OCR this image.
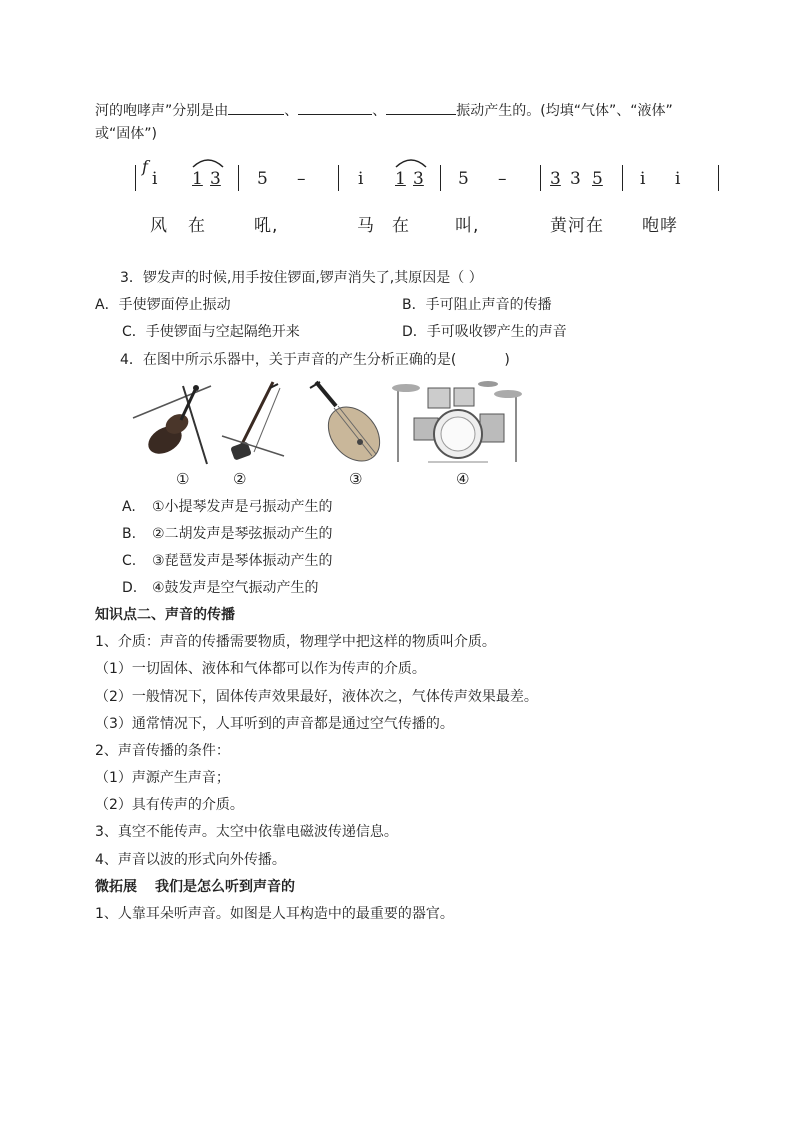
河的咆哮声”分别是由	、	、	振动产生的。(均填“气体”、“液体”
或“固体”)
f
i 1 3 5 –	i 1 3 5 –	3 3 5 i i
风 在	吼,	马 在	叫,	黄河在 咆哮
3．锣发声的时候,用手按住锣面,锣声消失了,其原因是（ ）
A．手使锣面停止振动	B．手可阻止声音的传播
C．手使锣面与空起隔绝开来	D．手可吸收锣产生的声音
4．在图中所示乐器中，关于声音的产生分析正确的是(	)
①	②	③	④
A. ①小提琴发声是弓振动产生的
B. ②二胡发声是琴弦振动产生的
C. ③琵琶发声是琴体振动产生的
D. ④鼓发声是空气振动产生的
知识点二、声音的传播
1、介质：声音的传播需要物质，物理学中把这样的物质叫介质。
（1）一切固体、液体和气体都可以作为传声的介质。
（2）一般情况下，固体传声效果最好，液体次之，气体传声效果最差。
（3）通常情况下，人耳听到的声音都是通过空气传播的。
2、声音传播的条件：
（1）声源产生声音；
（2）具有传声的介质。
3、真空不能传声。太空中依靠电磁波传递信息。
4、声音以波的形式向外传播。
微拓展 我们是怎么听到声音的
1、人靠耳朵听声音。如图是人耳构造中的最重要的器官。
